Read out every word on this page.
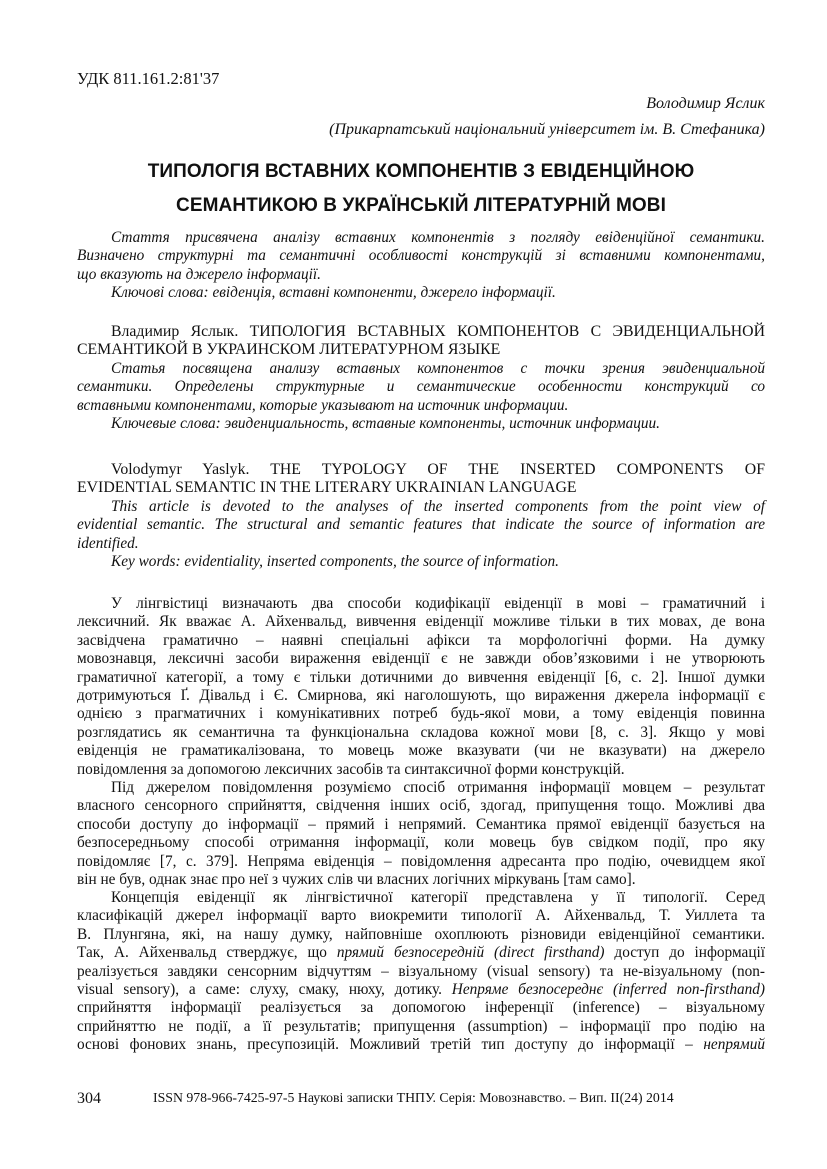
УДК 811.161.2:81'37
Володимир Яслик
(Прикарпатський національний університет ім. В. Стефаника)
ТИПОЛОГІЯ ВСТАВНИХ КОМПОНЕНТІВ З ЕВІДЕНЦІЙНОЮ
СЕМАНТИКОЮ В УКРАЇНСЬКІЙ ЛІТЕРАТУРНІЙ МОВІ
Стаття присвячена аналізу вставних компонентів з погляду евіденційної семантики.
Визначено структурні та семантичні особливості конструкцій зі вставними компонентами,
що вказують на джерело інформації.
Ключові слова: евіденція, вставні компоненти, джерело інформації.
Владимир Яслык. ТИПОЛОГИЯ ВСТАВНЫХ КОМПОНЕНТОВ С ЭВИДЕНЦИАЛЬНОЙ
СЕМАНТИКОЙ В УКРАИНСКОМ ЛИТЕРАТУРНОМ ЯЗЫКЕ
Статья посвящена анализу вставных компонентов с точки зрения эвиденциальной
семантики. Определены структурные и семантические особенности конструкций со
вставными компонентами, которые указывают на источник информации.
Ключевые слова: эвиденциальность, вставные компоненты, источник информации.
Volodymyr Yaslyk. THE TYPOLOGY OF THE INSERTED COMPONENTS OF
EVIDENTIAL SEMANTIC IN THE LITERARY UKRAINIAN LANGUAGE
This article is devoted to the analyses of the inserted components from the point view of
evidential semantic. The structural and semantic features that indicate the source of information are
identified.
Key words: evidentiality, inserted components, the source of information.
У лінгвістиці визначають два способи кодифікації евіденції в мові – граматичний і
лексичний. Як вважає А. Айхенвальд, вивчення евіденції можливе тільки в тих мовах, де вона
засвідчена граматично – наявні спеціальні афікси та морфологічні форми. На думку
мовознавця, лексичні засоби вираження евіденції є не завжди обов’язковими і не утворюють
граматичної категорії, а тому є тільки дотичними до вивчення евіденції [6, с. 2]. Іншої думки
дотримуються Ґ. Дівальд і Є. Смирнова, які наголошують, що вираження джерела інформації є
однією з прагматичних і комунікативних потреб будь-якої мови, а тому евіденція повинна
розглядатись як семантична та функціональна складова кожної мови [8, с. 3]. Якщо у мові
евіденція не граматикалізована, то мовець може вказувати (чи не вказувати) на джерело
повідомлення за допомогою лексичних засобів та синтаксичної форми конструкцій.
Під джерелом повідомлення розуміємо спосіб отримання інформації мовцем – результат
власного сенсорного сприйняття, свідчення інших осіб, здогад, припущення тощо. Можливі два
способи доступу до інформації – прямий і непрямий. Семантика прямої евіденції базується на
безпосередньому способі отримання інформації, коли мовець був свідком події, про яку
повідомляє [7, с. 379]. Непряма евіденція – повідомлення адресанта про подію, очевидцем якої
він не був, однак знає про неї з чужих слів чи власних логічних міркувань [там само].
Концепція евіденції як лінгвістичної категорії представлена у її типології. Серед
класифікацій джерел інформації варто виокремити типології А. Айхенвальд, Т. Уиллета та
В. Плунгяна, які, на нашу думку, найповніше охоплюють різновиди евіденційної семантики.
Так, А. Айхенвальд стверджує, що прямий безпосередній (direct firsthand) доступ до інформації
реалізується завдяки сенсорним відчуттям – візуальному (visual sensory) та не-візуальному (non-
visual sensory), а саме: слуху, смаку, нюху, дотику. Непряме безпосереднє (inferred non-firsthand)
сприйняття інформації реалізується за допомогою інференції (inference) – візуальному
сприйняттю не події, а її результатів; припущення (assumption) – інформації про подію на
основі фонових знань, пресупозицій. Можливий третій тип доступу до інформації – непрямий
304	ISSN 978-966-7425-97-5 Наукові записки ТНПУ. Серія: Мовознавство. – Вип. ІІ(24) 2014
